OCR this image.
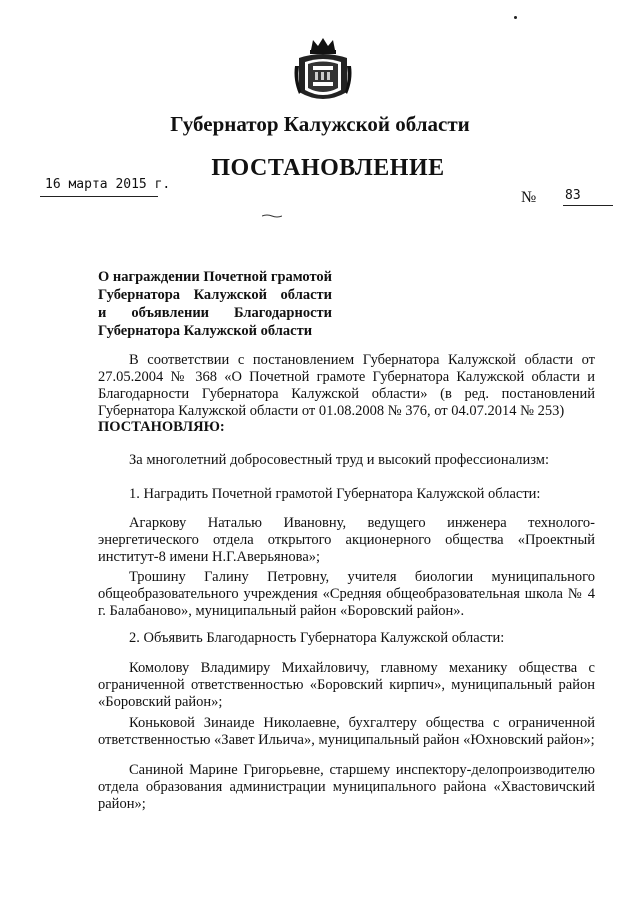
Губернатор Калужской области
ПОСТАНОВЛЕНИЕ
16 марта 2015 г.
№ 83
О награждении Почетной грамотой
Губернатора Калужской области
и объявлении Благодарности
Губернатора Калужской области
В соответствии с постановлением Губернатора Калужской области от 27.05.2004 № 368 «О Почетной грамоте Губернатора Калужской области и Благодарности Губернатора Калужской области» (в ред. постановлений Губернатора Калужской области от 01.08.2008 № 376, от 04.07.2014 № 253)
ПОСТАНОВЛЯЮ:
За многолетний добросовестный труд и высокий профессионализм:
1. Наградить Почетной грамотой Губернатора Калужской области:
Агаркову Наталью Ивановну, ведущего инженера технолого-энергетического отдела открытого акционерного общества «Проектный институт-8 имени Н.Г.Аверьянова»;
Трошину Галину Петровну, учителя биологии муниципального общеобразовательного учреждения «Средняя общеобразовательная школа № 4 г. Балабаново», муниципальный район «Боровский район».
2. Объявить Благодарность Губернатора Калужской области:
Комолову Владимиру Михайловичу, главному механику общества с ограниченной ответственностью «Боровский кирпич», муниципальный район «Боровский район»;
Коньковой Зинаиде Николаевне, бухгалтеру общества с ограниченной ответственностью «Завет Ильича», муниципальный район «Юхновский район»;
Саниной Марине Григорьевне, старшему инспектору-делопроизводителю отдела образования администрации муниципального района «Хвастовичский район»;
